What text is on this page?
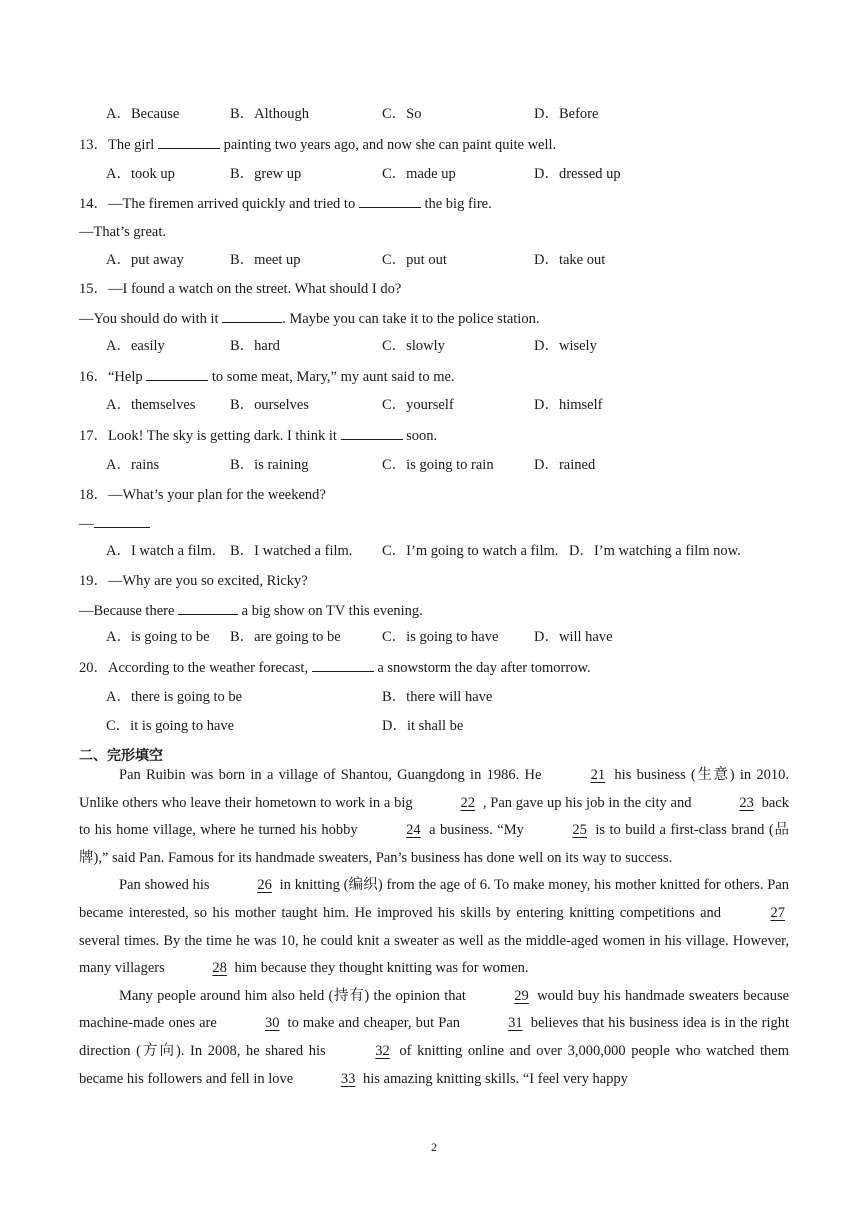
A．Because	B．Although	C．So	D．Before
13．The girl	painting two years ago, and now she can paint quite well.
A．took up	B．grew up	C．made up	D．dressed up
14．—The firemen arrived quickly and tried to	the big fire.
—That’s great.
A．put away	B．meet up	C．put out	D．take out
15．—I found a watch on the street. What should I do?
—You should do with it	. Maybe you can take it to the police station.
A．easily	B．hard	C．slowly	D．wisely
16．“Help	to some meat, Mary,” my aunt said to me.
A．themselves B．ourselves	C．yourself	D．himself
17．Look! The sky is getting dark. I think it	soon.
A．rains	B．is raining	C．is going to rain	D．rained
18．—What’s your plan for the weekend?
—
A．I watch a film. B．I watched a film. C．I’m going to watch a film. D．I’m watching a film now.
19．—Why are you so excited, Ricky?
—Because there	a big show on TV this evening.
A．is going to be B．are going to be	C．is going to have D．will have
20．According to the weather forecast,	a snowstorm the day after tomorrow.
A．there is going to be	B．there will have
C．it is going to have	D．it shall be
二、完形填空

Pan Ruibin was born in a village of Shantou, Guangdong in 1986. He	21 his business (生意) in 2010. Unlike others who leave their hometown to work in a big	22 , Pan gave up his job in the city and	23 back to his home village, where he turned his hobby	24 a business. “My	25 is to build a first-class brand (品牌),” said Pan. Famous for its handmade sweaters, Pan’s business has done well on its way to success.

Pan showed his	26 in knitting (编织) from the age of 6. To make money, his mother knitted for others. Pan became interested, so his mother taught him. He improved his skills by entering knitting competitions and	27 several times. By the time he was 10, he could knit a sweater as well as the middle-aged women in his village. However, many villagers	28 him because they thought knitting was for women.

Many people around him also held (持有) the opinion that	29 would buy his handmade sweaters because machine-made ones are	30 to make and cheaper, but Pan	31 believes that his business idea is in the right direction (方向). In 2008, he shared his	32 of knitting online and over 3,000,000 people who watched them became his followers and fell in love	33 his amazing knitting skills. “I feel very happy

2
